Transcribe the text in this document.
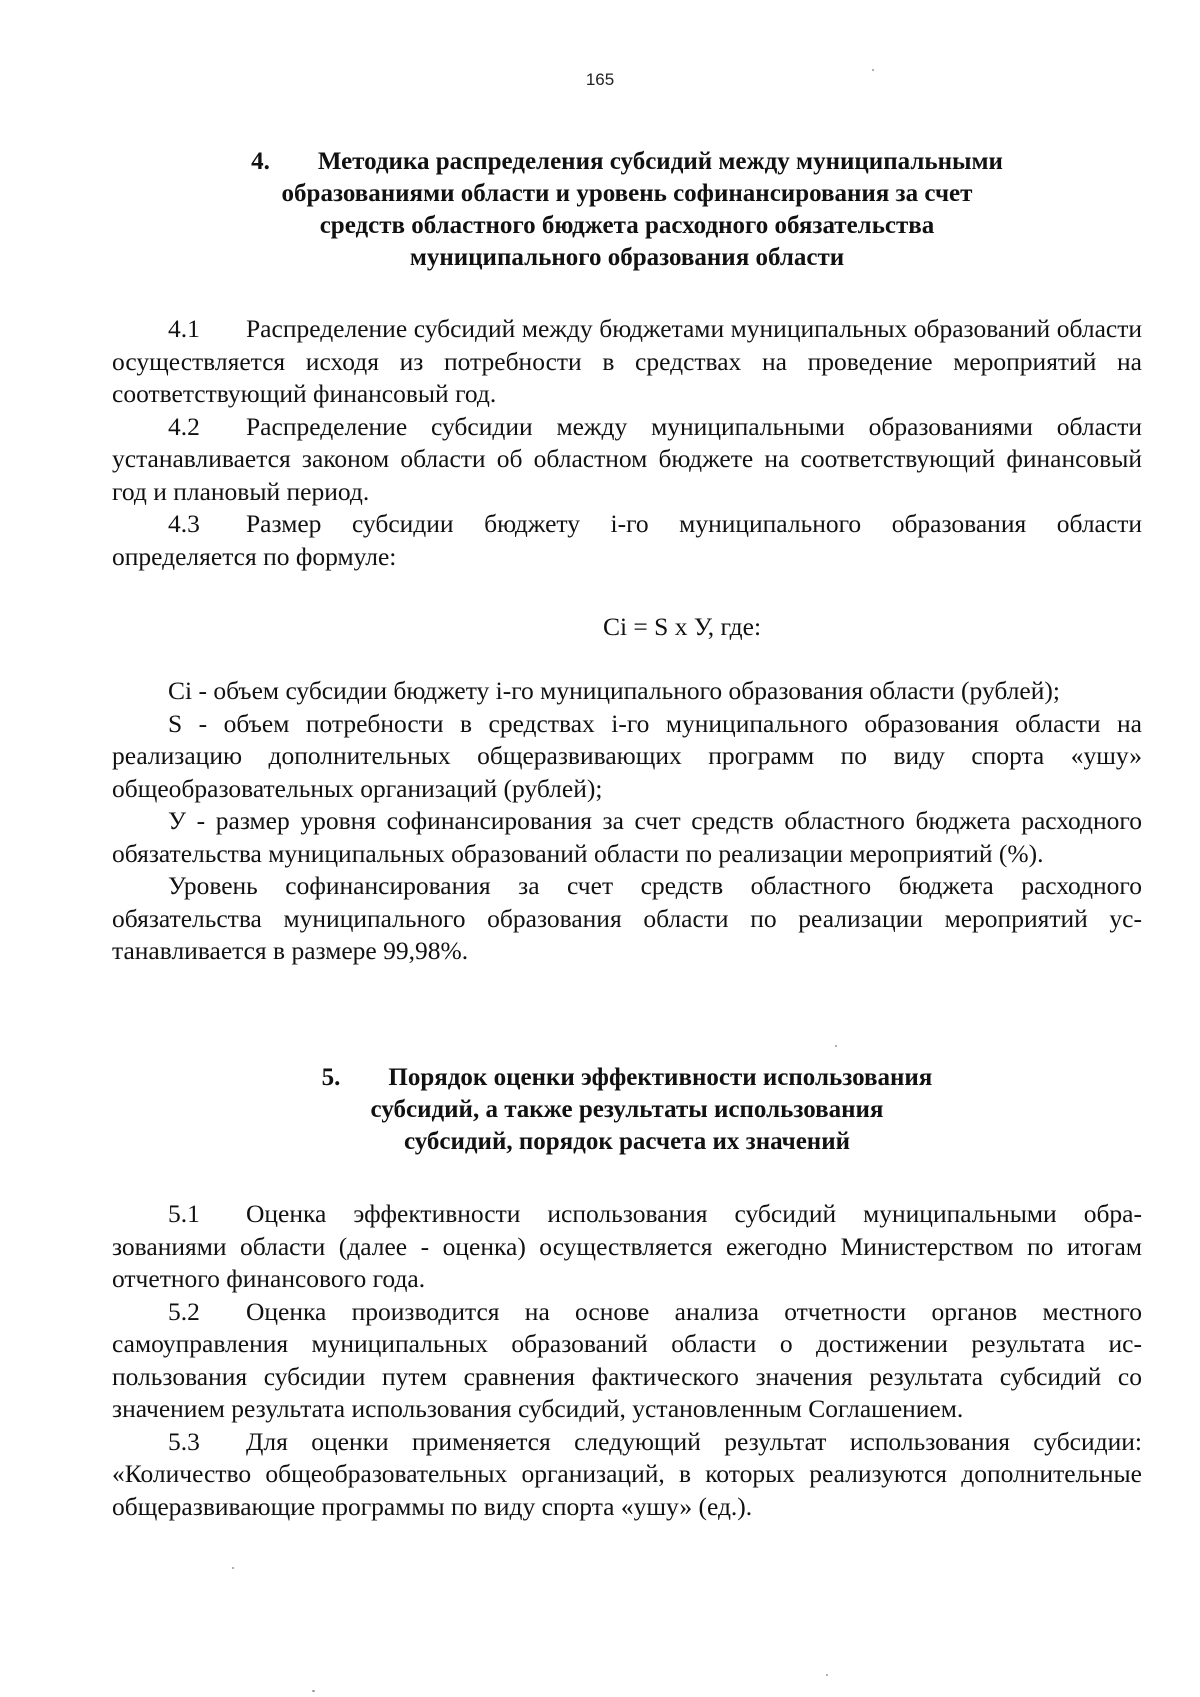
165
4. Методика распределения субсидий между муниципальными
образованиями области и уровень софинансирования за счет
средств областного бюджета расходного обязательства
муниципального образования области

4.1 Распределение субсидий между бюджетами муниципальных образований области осуществляется исходя из потребности в средствах на проведение мероприятий на соответствующий финансовый год.

4.2 Распределение субсидии между муниципальными образованиями области устанавливается законом области об областном бюджете на соответствующий финансовый год и плановый период.

4.3 Размер субсидии бюджету i-го муниципального образования области определяется по формуле:

Ci = S x У, где:

Ci - объем субсидии бюджету i-го муниципального образования области (рублей);

S - объем потребности в средствах i-го муниципального образования области на реализацию дополнительных общеразвивающих программ по виду спорта «ушу» общеобразовательных организаций (рублей);

У - размер уровня софинансирования за счет средств областного бюджета расходного обязательства муниципальных образований области по реализации мероприятий (%).

Уровень софинансирования за счет средств областного бюджета расходного обязательства муниципального образования области по реализации мероприятий устанавливается в размере 99,98%.

5. Порядок оценки эффективности использования
субсидий, а также результаты использования
субсидий, порядок расчета их значений

5.1 Оценка эффективности использования субсидий муниципальными образованиями области (далее - оценка) осуществляется ежегодно Министерством по итогам отчетного финансового года.

5.2 Оценка производится на основе анализа отчетности органов местного самоуправления муниципальных образований области о достижении результата использования субсидии путем сравнения фактического значения результата субсидий со значением результата использования субсидий, установленным Соглашением.

5.3 Для оценки применяется следующий результат использования субсидии: «Количество общеобразовательных организаций, в которых реализуются дополнительные общеразвивающие программы по виду спорта «ушу» (ед.).
